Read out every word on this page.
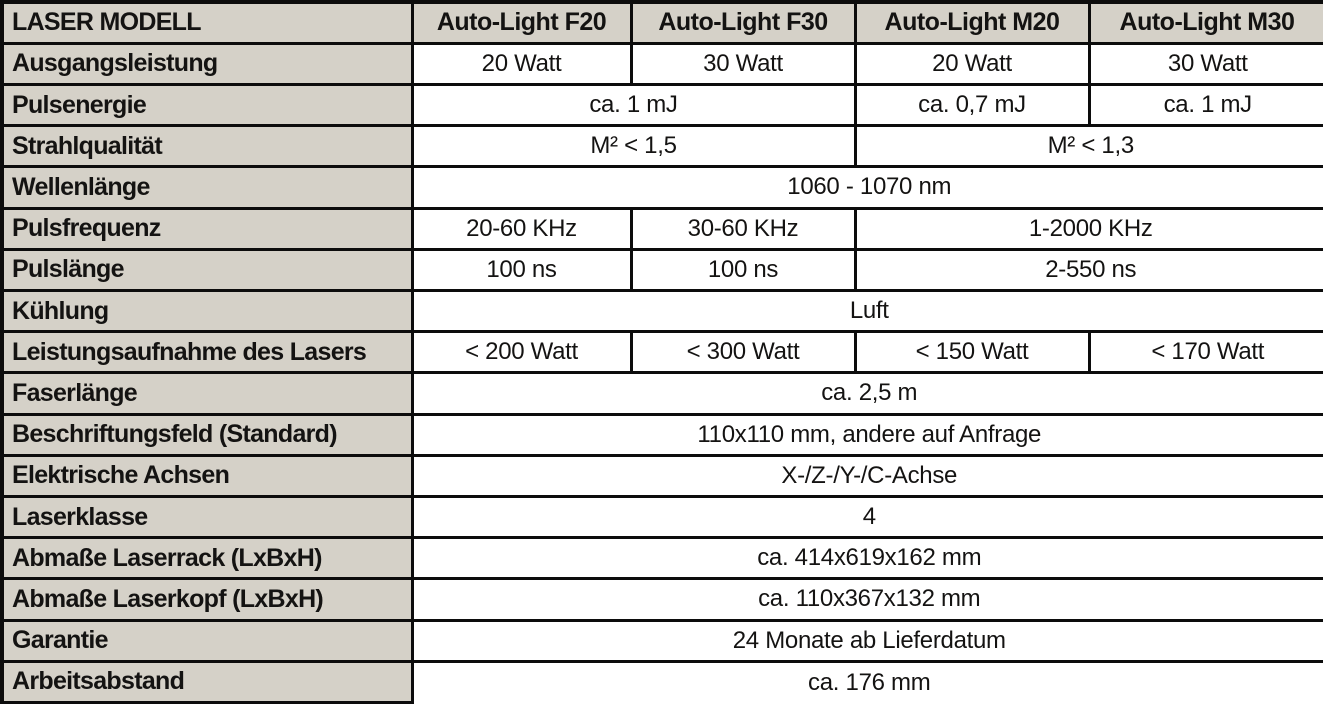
LASER MODELL	Auto-Light F20	Auto-Light F30	Auto-Light M20	Auto-Light M30
Ausgangsleistung	20 Watt	30 Watt	20 Watt	30 Watt
Pulsenergie	ca. 1 mJ		ca. 0,7 mJ	ca. 1 mJ
Strahlqualität	M² < 1,5		M² < 1,3	
Wellenlänge	1060 - 1070 nm			
Pulsfrequenz	20-60 KHz	30-60 KHz	1-2000 KHz	
Pulslänge	100 ns	100 ns	2-550 ns	
Kühlung	Luft			
Leistungsaufnahme des Lasers	< 200 Watt	< 300 Watt	< 150 Watt	< 170 Watt
Faserlänge	ca. 2,5 m			
Beschriftungsfeld (Standard)	110x110 mm, andere auf Anfrage			
Elektrische Achsen	X-/Z-/Y-/C-Achse			
Laserklasse	4			
Abmaße Laserrack (LxBxH)	ca. 414x619x162 mm			
Abmaße Laserkopf (LxBxH)	ca. 110x367x132 mm			
Garantie	24 Monate ab Lieferdatum			
Arbeitsabstand	ca. 176 mm			
